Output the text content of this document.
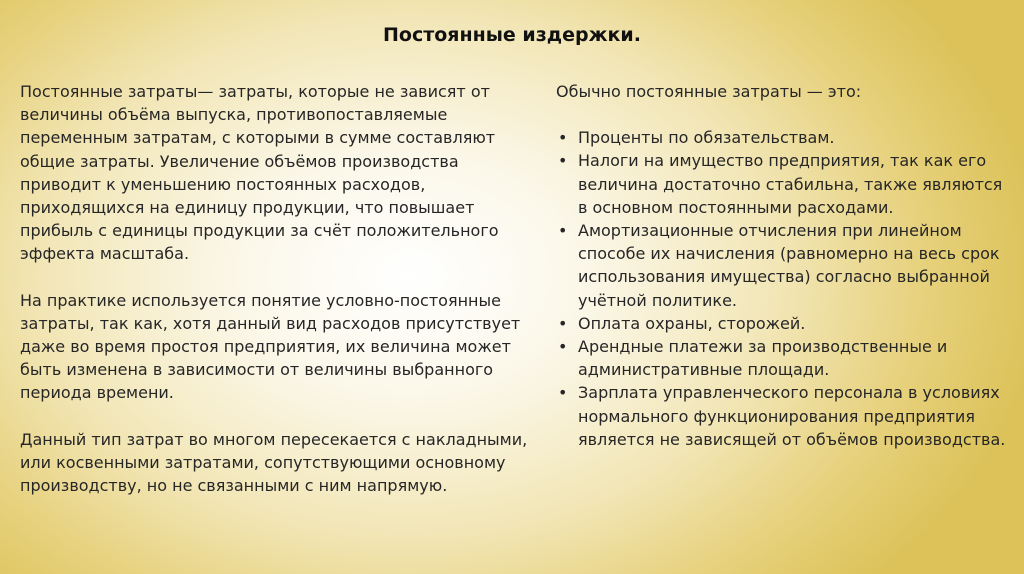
Постоянные издержки.

Постоянные затраты— затраты, которые не зависят от величины объёма выпуска, противопоставляемые переменным затратам, с которыми в сумме составляют общие затраты. Увеличение объёмов производства приводит к уменьшению постоянных расходов, приходящихся на единицу продукции, что повышает прибыль с единицы продукции за счёт положительного эффекта масштаба.

На практике используется понятие условно-постоянные затраты, так как, хотя данный вид расходов присутствует даже во время простоя предприятия, их величина может быть изменена в зависимости от величины выбранного периода времени.

Данный тип затрат во многом пересекается с накладными, или косвенными затратами, сопутствующими основному производству, но не связанными с ним напрямую.

Обычно постоянные затраты — это:

• Проценты по обязательствам.
• Налоги на имущество предприятия, так как его величина достаточно стабильна, также являются в основном постоянными расходами.
• Амортизационные отчисления при линейном способе их начисления (равномерно на весь срок использования имущества) согласно выбранной учётной политике.
• Оплата охраны, сторожей.
• Арендные платежи за производственные и административные площади.
• Зарплата управленческого персонала в условиях нормального функционирования предприятия является не зависящей от объёмов производства.
